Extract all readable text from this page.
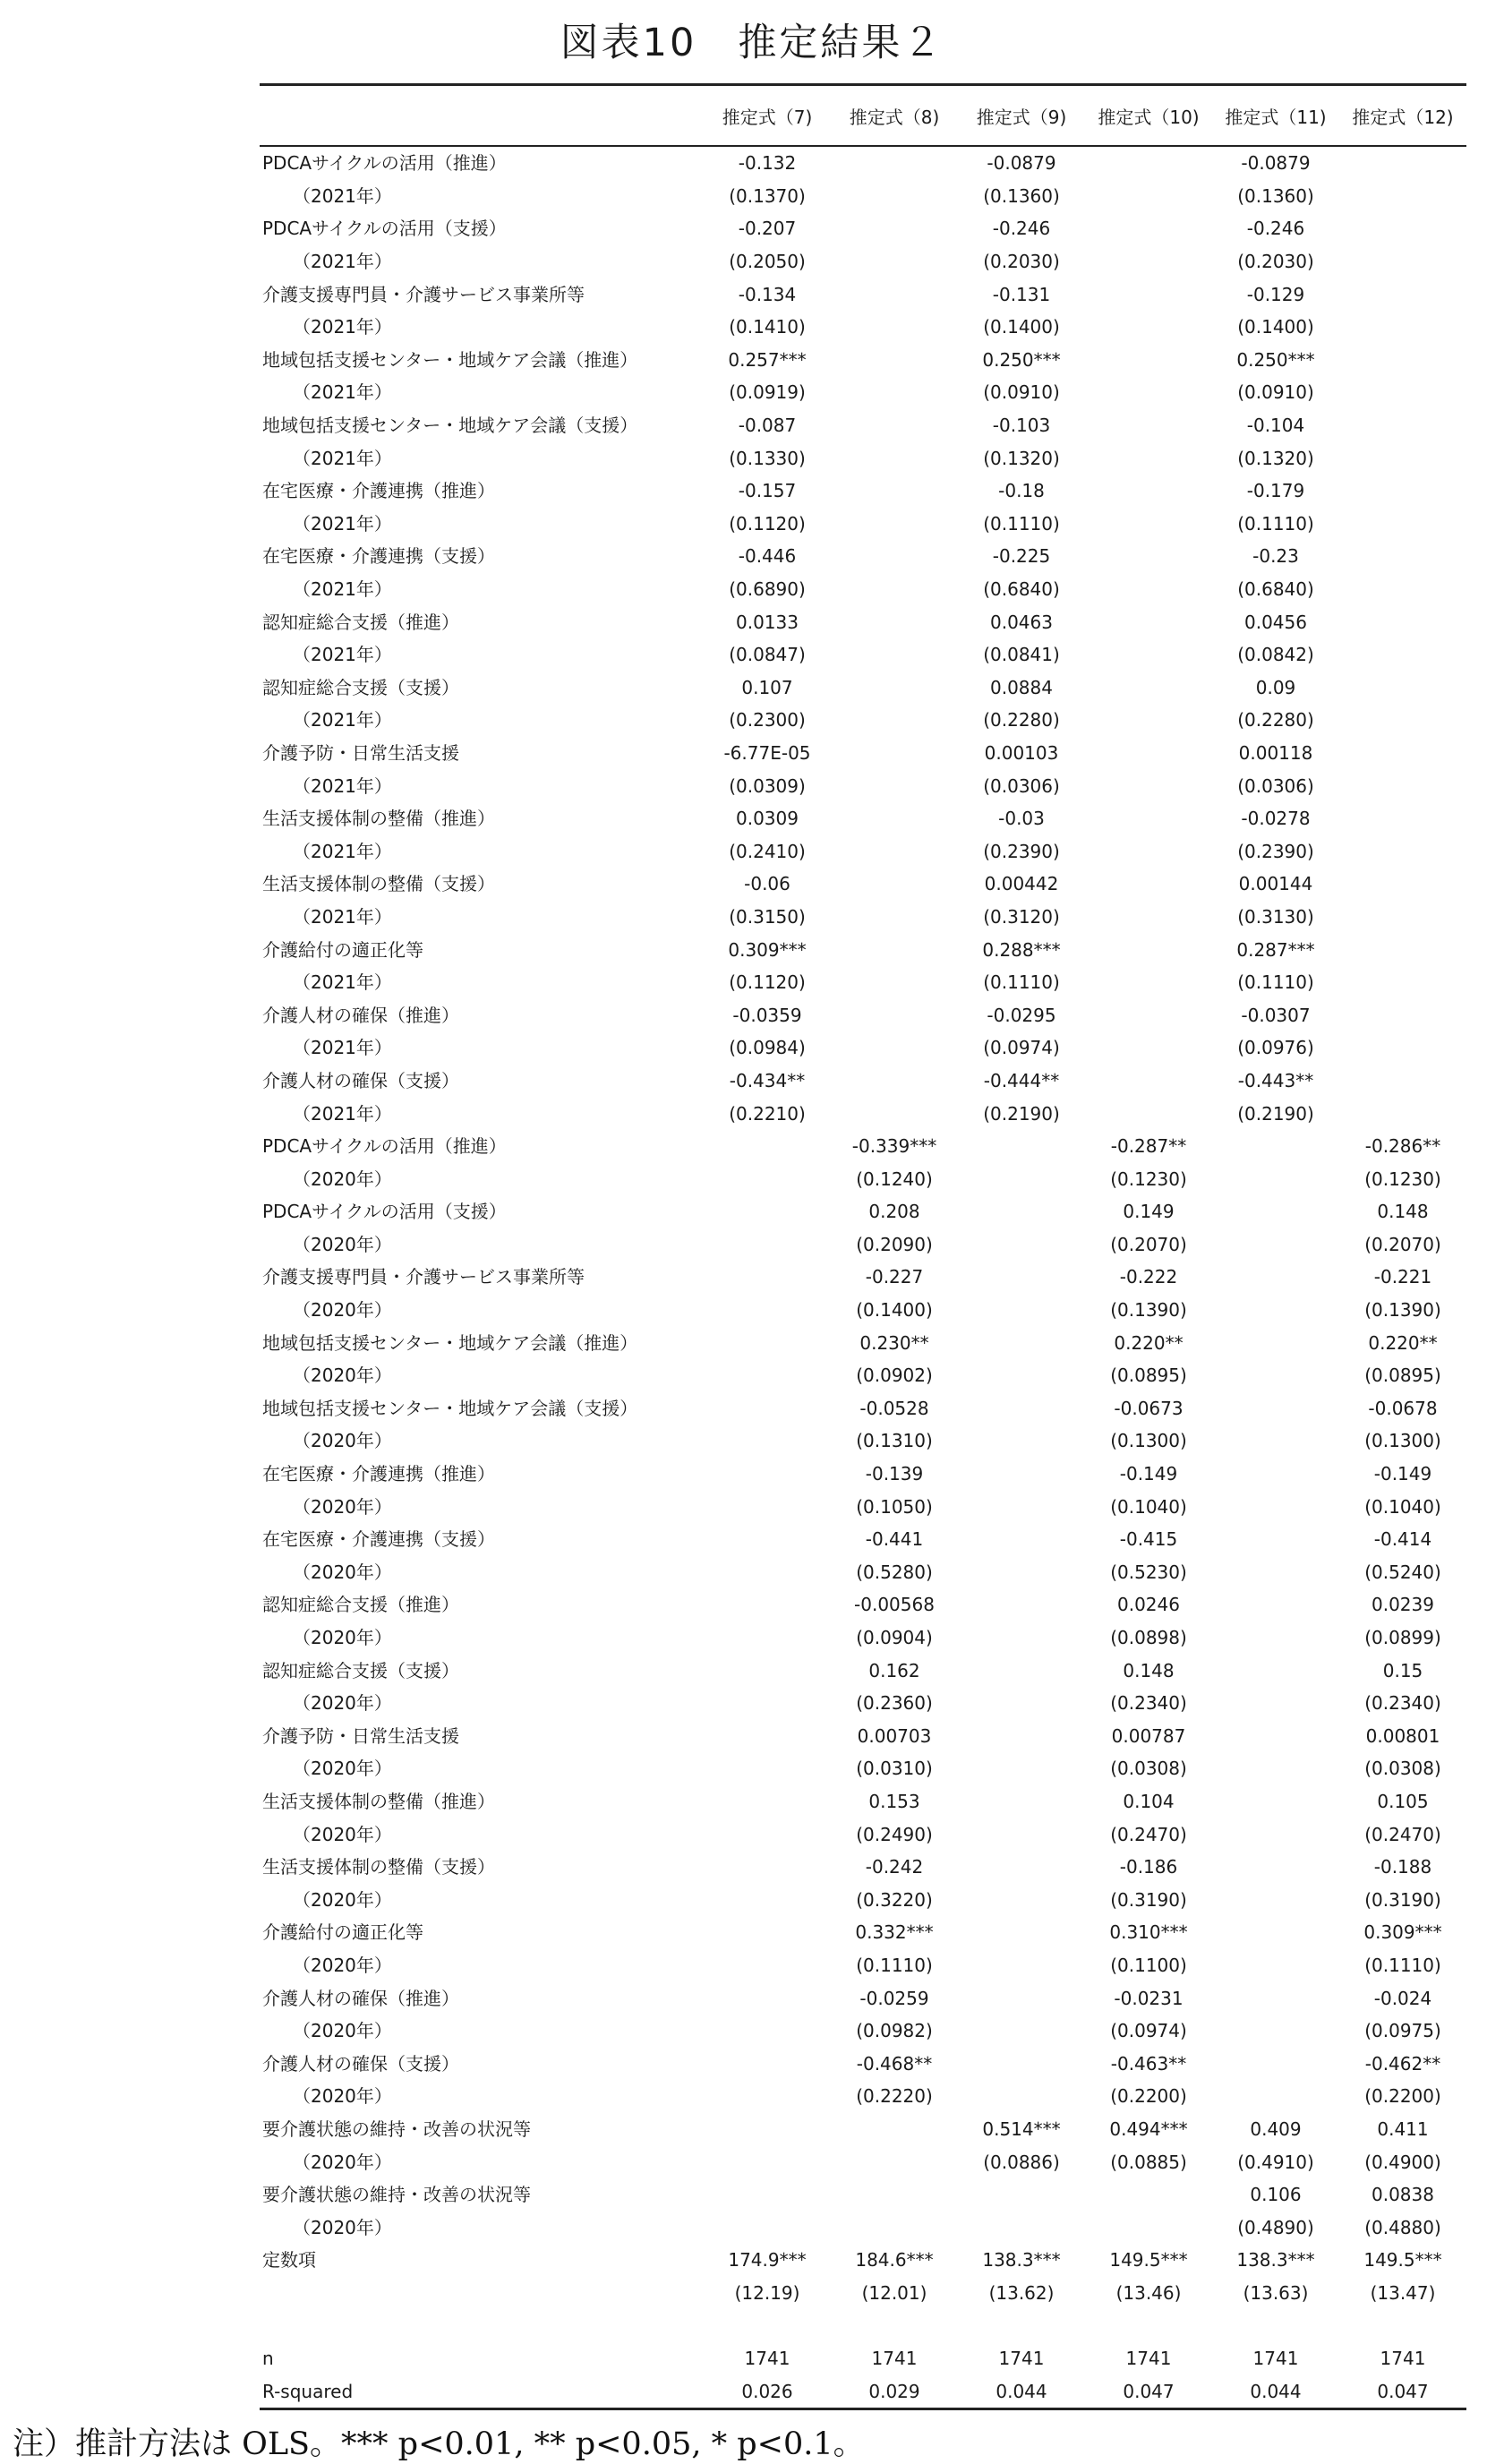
図表10　推定結果２
	推定式（7)	推定式（8)	推定式（9)	推定式（10)	推定式（11)	推定式（12)
PDCAサイクルの活用（推進）	-0.132		-0.0879		-0.0879	
（2021年）	(0.1370)		(0.1360)		(0.1360)	
PDCAサイクルの活用（支援）	-0.207		-0.246		-0.246	
（2021年）	(0.2050)		(0.2030)		(0.2030)	
介護支援専門員・介護サービス事業所等	-0.134		-0.131		-0.129	
（2021年）	(0.1410)		(0.1400)		(0.1400)	
地域包括支援センター・地域ケア会議（推進）	0.257***		0.250***		0.250***	
（2021年）	(0.0919)		(0.0910)		(0.0910)	
地域包括支援センター・地域ケア会議（支援）	-0.087		-0.103		-0.104	
（2021年）	(0.1330)		(0.1320)		(0.1320)	
在宅医療・介護連携（推進）	-0.157		-0.18		-0.179	
（2021年）	(0.1120)		(0.1110)		(0.1110)	
在宅医療・介護連携（支援）	-0.446		-0.225		-0.23	
（2021年）	(0.6890)		(0.6840)		(0.6840)	
認知症総合支援（推進）	0.0133		0.0463		0.0456	
（2021年）	(0.0847)		(0.0841)		(0.0842)	
認知症総合支援（支援）	0.107		0.0884		0.09	
（2021年）	(0.2300)		(0.2280)		(0.2280)	
介護予防・日常生活支援	-6.77E-05		0.00103		0.00118	
（2021年）	(0.0309)		(0.0306)		(0.0306)	
生活支援体制の整備（推進）	0.0309		-0.03		-0.0278	
（2021年）	(0.2410)		(0.2390)		(0.2390)	
生活支援体制の整備（支援）	-0.06		0.00442		0.00144	
（2021年）	(0.3150)		(0.3120)		(0.3130)	
介護給付の適正化等	0.309***		0.288***		0.287***	
（2021年）	(0.1120)		(0.1110)		(0.1110)	
介護人材の確保（推進）	-0.0359		-0.0295		-0.0307	
（2021年）	(0.0984)		(0.0974)		(0.0976)	
介護人材の確保（支援）	-0.434**		-0.444**		-0.443**	
（2021年）	(0.2210)		(0.2190)		(0.2190)	
PDCAサイクルの活用（推進）		-0.339***		-0.287**		-0.286**
（2020年）		(0.1240)		(0.1230)		(0.1230)
PDCAサイクルの活用（支援）		0.208		0.149		0.148
（2020年）		(0.2090)		(0.2070)		(0.2070)
介護支援専門員・介護サービス事業所等		-0.227		-0.222		-0.221
（2020年）		(0.1400)		(0.1390)		(0.1390)
地域包括支援センター・地域ケア会議（推進）		0.230**		0.220**		0.220**
（2020年）		(0.0902)		(0.0895)		(0.0895)
地域包括支援センター・地域ケア会議（支援）		-0.0528		-0.0673		-0.0678
（2020年）		(0.1310)		(0.1300)		(0.1300)
在宅医療・介護連携（推進）		-0.139		-0.149		-0.149
（2020年）		(0.1050)		(0.1040)		(0.1040)
在宅医療・介護連携（支援）		-0.441		-0.415		-0.414
（2020年）		(0.5280)		(0.5230)		(0.5240)
認知症総合支援（推進）		-0.00568		0.0246		0.0239
（2020年）		(0.0904)		(0.0898)		(0.0899)
認知症総合支援（支援）		0.162		0.148		0.15
（2020年）		(0.2360)		(0.2340)		(0.2340)
介護予防・日常生活支援		0.00703		0.00787		0.00801
（2020年）		(0.0310)		(0.0308)		(0.0308)
生活支援体制の整備（推進）		0.153		0.104		0.105
（2020年）		(0.2490)		(0.2470)		(0.2470)
生活支援体制の整備（支援）		-0.242		-0.186		-0.188
（2020年）		(0.3220)		(0.3190)		(0.3190)
介護給付の適正化等		0.332***		0.310***		0.309***
（2020年）		(0.1110)		(0.1100)		(0.1110)
介護人材の確保（推進）		-0.0259		-0.0231		-0.024
（2020年）		(0.0982)		(0.0974)		(0.0975)
介護人材の確保（支援）		-0.468**		-0.463**		-0.462**
（2020年）		(0.2220)		(0.2200)		(0.2200)
要介護状態の維持・改善の状況等			0.514***	0.494***	0.409	0.411
（2020年）			(0.0886)	(0.0885)	(0.4910)	(0.4900)
要介護状態の維持・改善の状況等					0.106	0.0838
（2020年）					(0.4890)	(0.4880)
定数項	174.9***	184.6***	138.3***	149.5***	138.3***	149.5***
	(12.19)	(12.01)	(13.62)	(13.46)	(13.63)	(13.47)

n	1741	1741	1741	1741	1741	1741
R-squared	0.026	0.029	0.044	0.047	0.044	0.047
注）推計方法は OLS。*** p<0.01, ** p<0.05, * p<0.1。
